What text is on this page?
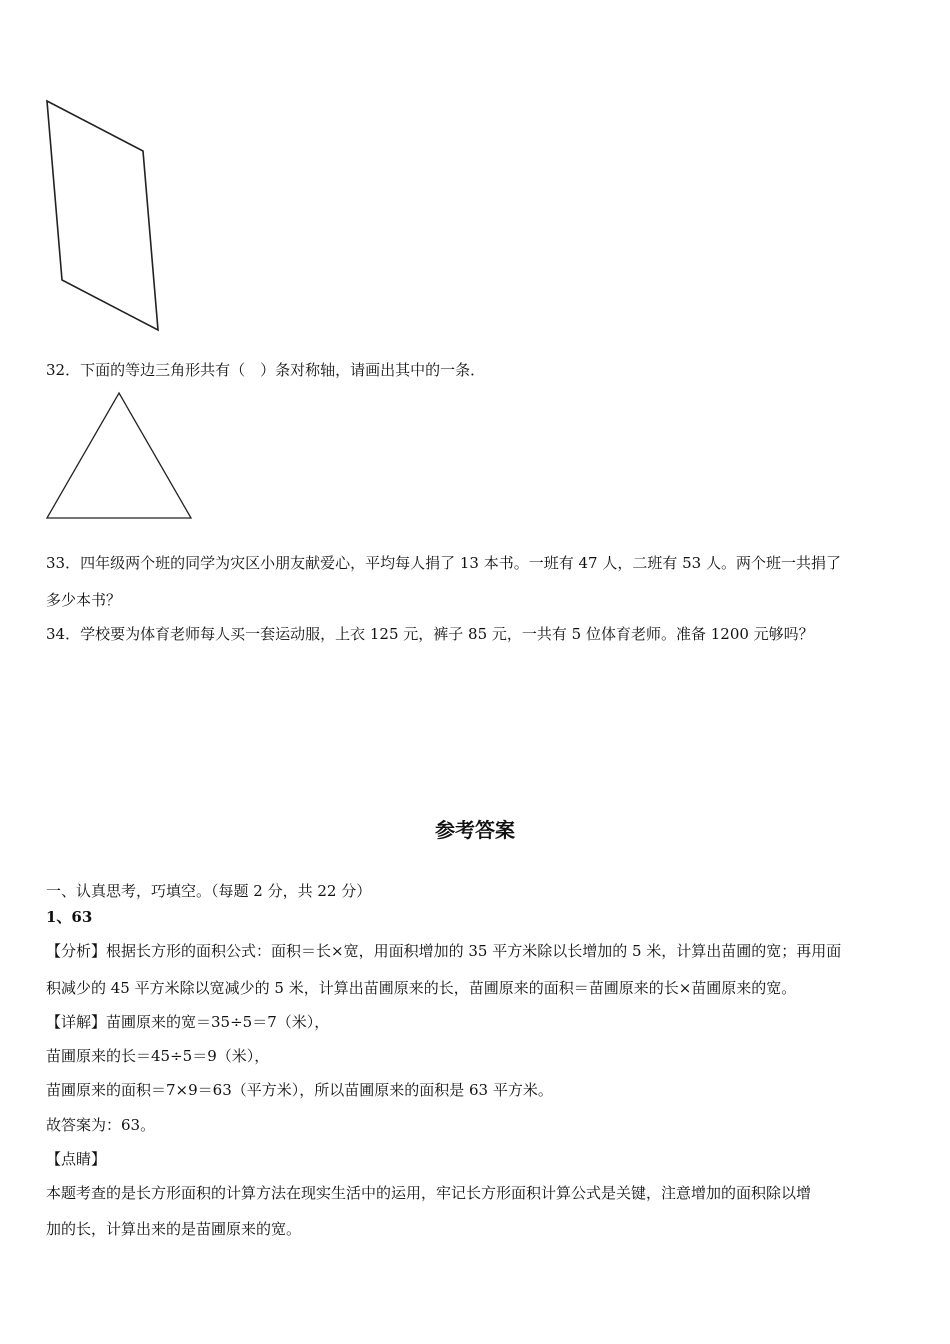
32．下面的等边三角形共有（　）条对称轴，请画出其中的一条．
33．四年级两个班的同学为灾区小朋友献爱心，平均每人捐了 13 本书。一班有 47 人，二班有 53 人。两个班一共捐了
多少本书？
34．学校要为体育老师每人买一套运动服，上衣 125 元，裤子 85 元，一共有 5 位体育老师。准备 1200 元够吗？
参考答案
一、认真思考，巧填空。（每题 2 分，共 22 分）
1、63
【分析】根据长方形的面积公式：面积＝长×宽，用面积增加的 35 平方米除以长增加的 5 米，计算出苗圃的宽；再用面
积减少的 45 平方米除以宽减少的 5 米，计算出苗圃原来的长，苗圃原来的面积＝苗圃原来的长×苗圃原来的宽。
【详解】苗圃原来的宽＝35÷5＝7（米），
苗圃原来的长＝45÷5＝9（米），
苗圃原来的面积＝7×9＝63（平方米），所以苗圃原来的面积是 63 平方米。
故答案为：63。
【点睛】
本题考查的是长方形面积的计算方法在现实生活中的运用，牢记长方形面积计算公式是关键，注意增加的面积除以增
加的长，计算出来的是苗圃原来的宽。
